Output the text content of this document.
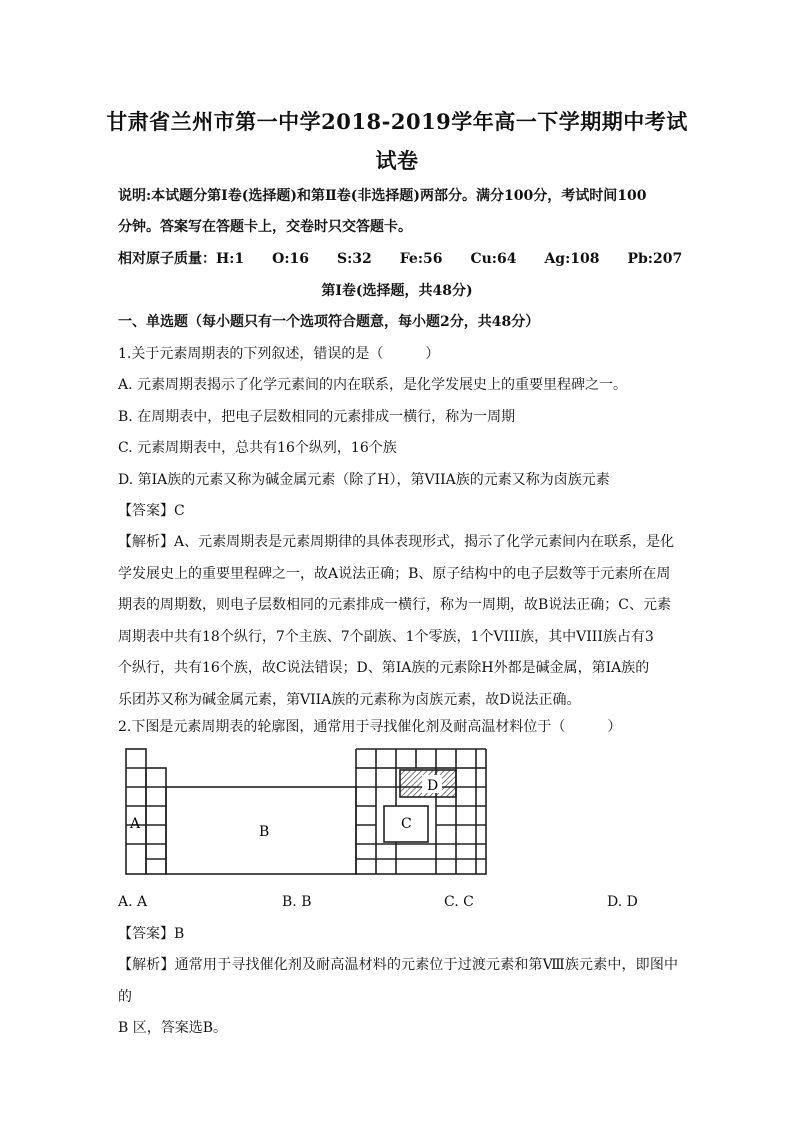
甘肃省兰州市第一中学2018-2019学年高一下学期期中考试
试卷
说明:本试题分第Ⅰ卷(选择题)和第Ⅱ卷(非选择题)两部分。满分100分，考试时间100
分钟。答案写在答题卡上，交卷时只交答题卡。
相对原子质量：H:1　　O:16　　S:32　　Fe:56　　Cu:64　　Ag:108　　Pb:207
第Ⅰ卷(选择题，共48分)
一、单选题（每小题只有一个选项符合题意，每小题2分，共48分）
1.关于元素周期表的下列叙述，错误的是（　　　）
A. 元素周期表揭示了化学元素间的内在联系，是化学发展史上的重要里程碑之一。
B. 在周期表中，把电子层数相同的元素排成一横行，称为一周期
C. 元素周期表中，总共有16个纵列，16个族
D. 第IA族的元素又称为碱金属元素（除了H），第VIIA族的元素又称为卤族元素
【答案】C
【解析】A、元素周期表是元素周期律的具体表现形式，揭示了化学元素间内在联系，是化
学发展史上的重要里程碑之一，故A说法正确；B、原子结构中的电子层数等于元素所在周
期表的周期数，则电子层数相同的元素排成一横行，称为一周期，故B说法正确；C、元素
周期表中共有18个纵行，7个主族、7个副族、1个零族，1个VIII族，其中VIII族占有3
个纵行，共有16个族，故C说法错误；D、第IA族的元素除H外都是碱金属，第IA族的
乐团苏又称为碱金属元素，第VIIA族的元素称为卤族元素，故D说法正确。
2.下图是元素周期表的轮廓图，通常用于寻找催化剂及耐高温材料位于（　　　）
A	B	C
D
A. A	B. B	C. C	D. D
【答案】B
【解析】通常用于寻找催化剂及耐高温材料的元素位于过渡元素和第Ⅷ族元素中，即图中的
B 区，答案选B。
